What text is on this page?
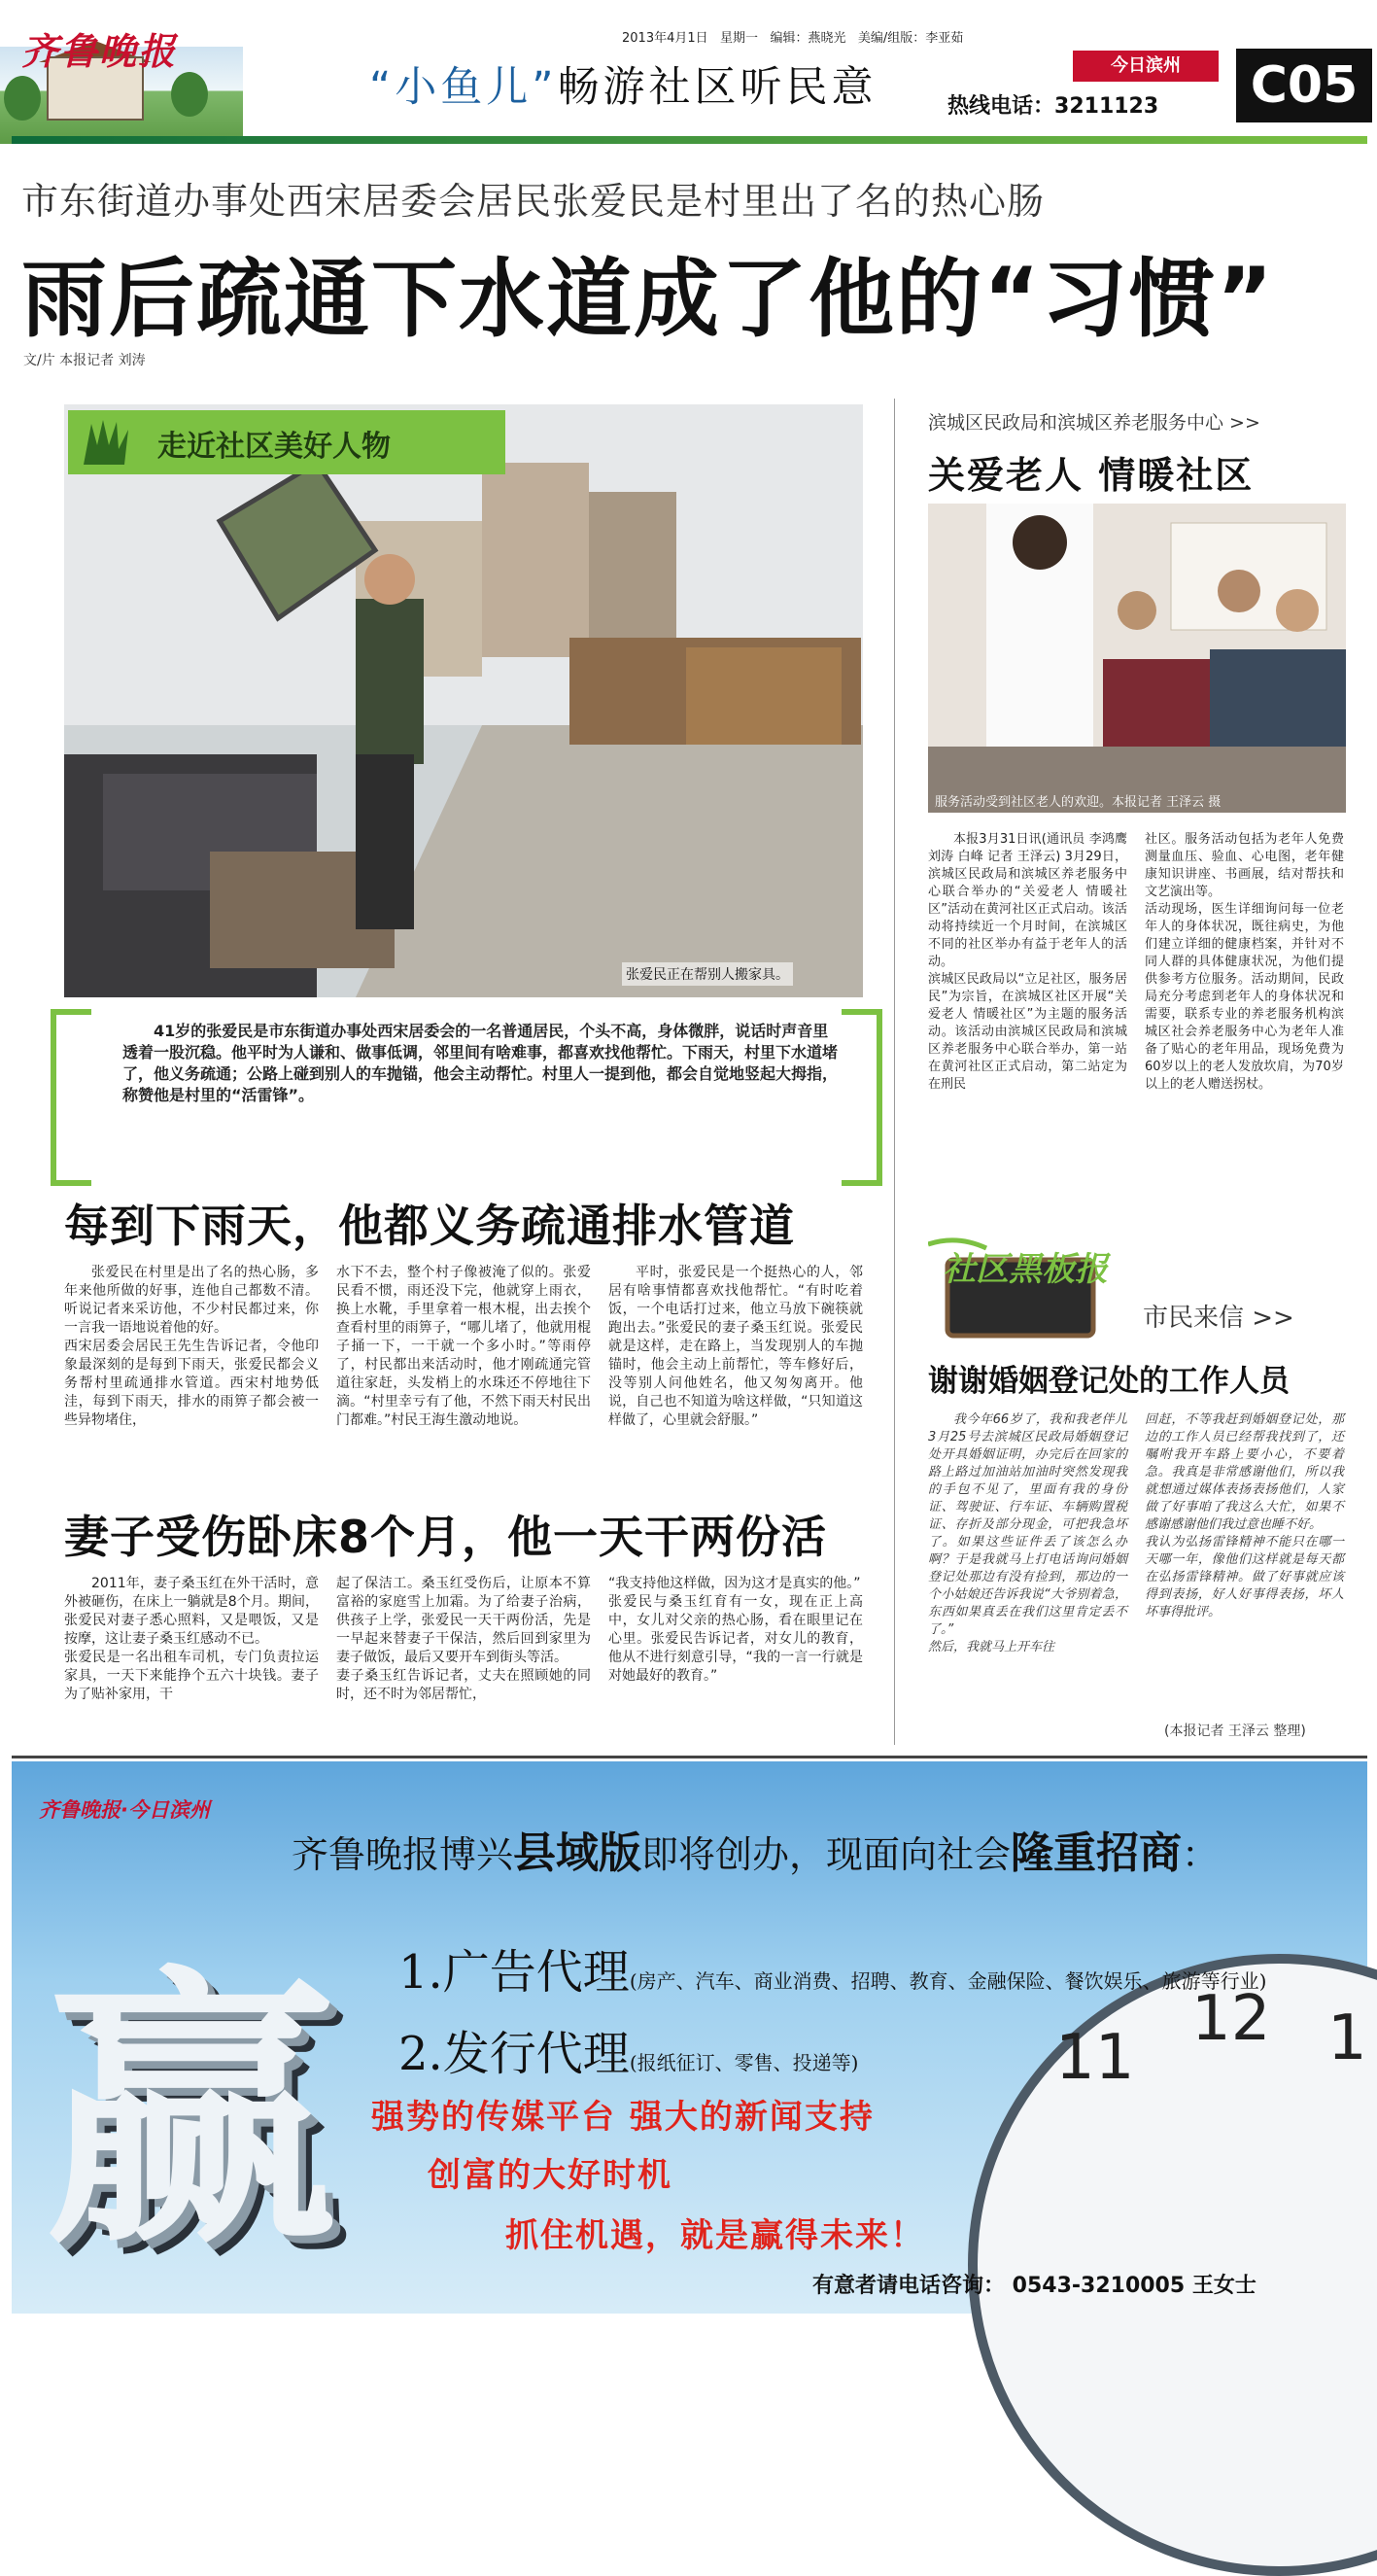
齐鲁晚报	2013年4月1日 星期一 编辑：燕晓光 美编/组版：李亚茹
“小鱼儿”畅游社区听民意	今日滨州
热线电话：3211123 C05
市东街道办事处西宋居委会居民张爱民是村里出了名的热心肠
雨后疏通下水道成了他的“习惯”
文/片 本报记者 刘涛
走近社区美好人物
张爱民正在帮别人搬家具。
41岁的张爱民是市东街道办事处西宋居委会的一名普通居民，个头不高，身体微胖，说话时声音里透着一股沉稳。他平时为人谦和、做事低调，邻里间有啥难事，都喜欢找他帮忙。下雨天，村里下水道堵了，他义务疏通；公路上碰到别人的车抛锚，他会主动帮忙。村里人一提到他，都会自觉地竖起大拇指，称赞他是村里的“活雷锋”。
每到下雨天，他都义务疏通排水管道
张爱民在村里是出了名的热心肠，多年来他所做的好事，连他自己都数不清。听说记者来采访他，不少村民都过来，你一言我一语地说着他的好。
西宋居委会居民王先生告诉记者，令他印象最深刻的是每到下雨天，张爱民都会义务帮村里疏通排水管道。西宋村地势低洼，每到下雨天，排水的雨箅子都会被一些异物堵住，
水下不去，整个村子像被淹了似的。张爱民看不惯，雨还没下完，他就穿上雨衣，换上水靴，手里拿着一根木棍，出去挨个查看村里的雨箅子，“哪儿堵了，他就用棍子捅一下，一干就一个多小时。”等雨停了，村民都出来活动时，他才刚疏通完管道往家赶，头发梢上的水珠还不停地往下滴。“村里幸亏有了他，不然下雨天村民出门都难。”村民王海生激动地说。
平时，张爱民是一个挺热心的人，邻居有啥事情都喜欢找他帮忙。“有时吃着饭，一个电话打过来，他立马放下碗筷就跑出去。”张爱民的妻子桑玉红说。张爱民就是这样，走在路上，当发现别人的车抛锚时，他会主动上前帮忙，等车修好后，没等别人问他姓名，他又匆匆离开。他说，自己也不知道为啥这样做，“只知道这样做了，心里就会舒服。”
妻子受伤卧床8个月，他一天干两份活
2011年，妻子桑玉红在外干活时，意外被砸伤，在床上一躺就是8个月。期间，张爱民对妻子悉心照料，又是喂饭，又是按摩，这让妻子桑玉红感动不已。
张爱民是一名出租车司机，专门负责拉运家具，一天下来能挣个五六十块钱。妻子为了贴补家用，干
起了保洁工。桑玉红受伤后，让原本不算富裕的家庭雪上加霜。为了给妻子治病，供孩子上学，张爱民一天干两份活，先是一早起来替妻子干保洁，然后回到家里为妻子做饭，最后又要开车到街头等活。
妻子桑玉红告诉记者，丈夫在照顾她的同时，还不时为邻居帮忙，
“我支持他这样做，因为这才是真实的他。”
张爱民与桑玉红育有一女，现在正上高中，女儿对父亲的热心肠，看在眼里记在心里。张爱民告诉记者，对女儿的教育，他从不进行刻意引导，“我的一言一行就是对她最好的教育。”
滨城区民政局和滨城区养老服务中心 >>
关爱老人 情暖社区
服务活动受到社区老人的欢迎。本报记者 王泽云 摄
本报3月31日讯(通讯员 李鸿鹰 刘涛 白峰 记者 王泽云) 3月29日，滨城区民政局和滨城区养老服务中心联合举办的“关爱老人 情暖社区”活动在黄河社区正式启动。该活动将持续近一个月时间，在滨城区不同的社区举办有益于老年人的活动。
滨城区民政局以“立足社区，服务居民”为宗旨，在滨城区社区开展“关爱老人 情暖社区”为主题的服务活动。该活动由滨城区民政局和滨城区养老服务中心联合举办，第一站在黄河社区正式启动，第二站定为在刑民
社区。服务活动包括为老年人免费测量血压、验血、心电图，老年健康知识讲座、书画展，结对帮扶和文艺演出等。
活动现场，医生详细询问每一位老年人的身体状况，既往病史，为他们建立详细的健康档案，并针对不同人群的具体健康状况，为他们提供参考方位服务。活动期间，民政局充分考虑到老年人的身体状况和需要，联系专业的养老服务机构滨城区社会养老服务中心为老年人准备了贴心的老年用品，现场免费为60岁以上的老人发放坎肩，为70岁以上的老人赠送拐杖。
社区黑板报
市民来信 >>
谢谢婚姻登记处的工作人员
我今年66岁了，我和我老伴儿3月25号去滨城区民政局婚姻登记处开具婚姻证明，办完后在回家的路上路过加油站加油时突然发现我的手包不见了，里面有我的身份证、驾驶证、行车证、车辆购置税证、存折及部分现金，可把我急坏了。如果这些证件丢了该怎么办啊？于是我就马上打电话询问婚姻登记处那边有没有捡到，那边的一个小姑娘还告诉我说“大爷别着急，东西如果真丢在我们这里肯定丢不了。”
然后，我就马上开车往
回赶，不等我赶到婚姻登记处，那边的工作人员已经帮我找到了，还嘱咐我开车路上要小心，不要着急。我真是非常感谢他们，所以我就想通过媒体表扬表扬他们，人家做了好事咱了我这么大忙，如果不感谢感谢他们我过意也睡不好。
我认为弘扬雷锋精神不能只在哪一天哪一年，像他们这样就是每天都在弘扬雷锋精神。做了好事就应该得到表扬，好人好事得表扬，坏人坏事得批评。
(本报记者 王泽云 整理)
11
12 1
齐鲁晚报·今日滨州
齐鲁晚报博兴县域版即将创办，现面向社会隆重招商：
赢 1.广告代理(房产、汽车、商业消费、招聘、教育、金融保险、餐饮娱乐、旅游等行业)
2.发行代理(报纸征订、零售、投递等)
强势的传媒平台 强大的新闻支持
创富的大好时机
抓住机遇，就是赢得未来！
有意者请电话咨询： 0543-3210005 王女士
